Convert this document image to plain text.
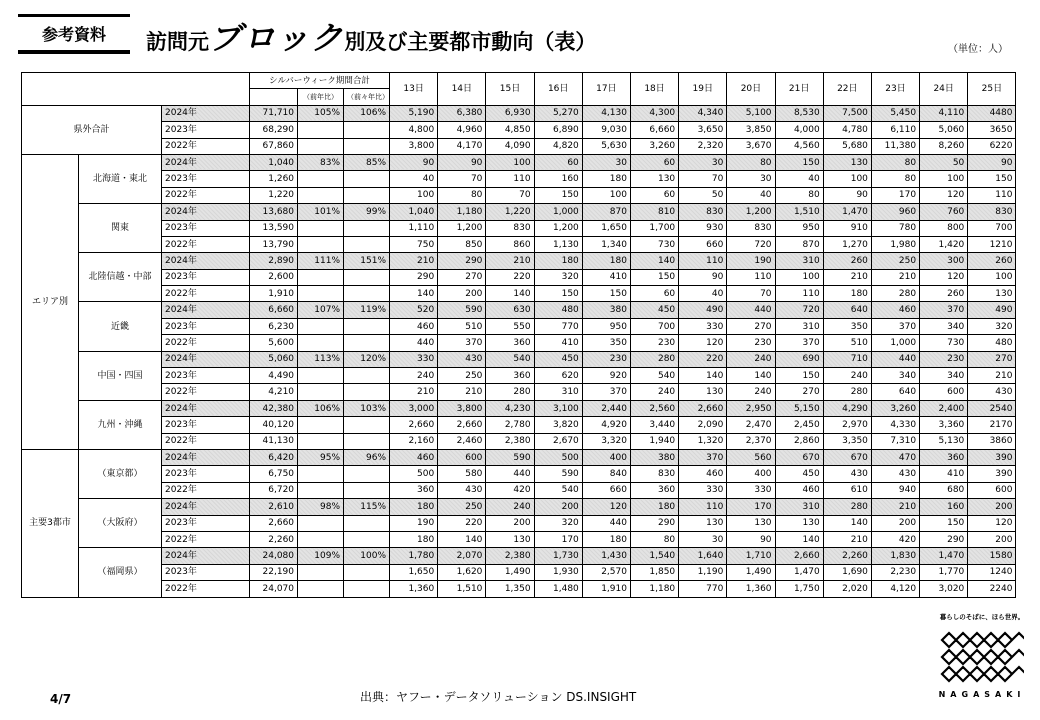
参考資料	訪問元 ブロック 別及び主要都市動向（表）	（単位：人）
			シルバーウィーク期間合計			13日	14日	15日	16日	17日	18日	19日	20日	21日	22日	23日	24日	25日
				（前年比）	（前々年比）													
県外合計		2024年	71,710	105%	106%	5,190	6,380	6,930	5,270	4,130	4,300	4,340	5,100	8,530	7,500	5,450	4,110	4480
		2023年	68,290			4,800	4,960	4,850	6,890	9,030	6,660	3,650	3,850	4,000	4,780	6,110	5,060	3650
		2022年	67,860			3,800	4,170	4,090	4,820	5,630	3,260	2,320	3,670	4,560	5,680	11,380	8,260	6220
エリア別	北海道・東北	2024年	1,040	83%	85%	90	90	100	60	30	60	30	80	150	130	80	50	90
		2023年	1,260			40	70	110	160	180	130	70	30	40	100	80	100	150
		2022年	1,220			100	80	70	150	100	60	50	40	80	90	170	120	110
	関東	2024年	13,680	101%	99%	1,040	1,180	1,220	1,000	870	810	830	1,200	1,510	1,470	960	760	830
		2023年	13,590			1,110	1,200	830	1,200	1,650	1,700	930	830	950	910	780	800	700
		2022年	13,790			750	850	860	1,130	1,340	730	660	720	870	1,270	1,980	1,420	1210
	北陸信越・中部	2024年	2,890	111%	151%	210	290	210	180	180	140	110	190	310	260	250	300	260
		2023年	2,600			290	270	220	320	410	150	90	110	100	210	210	120	100
		2022年	1,910			140	200	140	150	150	60	40	70	110	180	280	260	130
	近畿	2024年	6,660	107%	119%	520	590	630	480	380	450	490	440	720	640	460	370	490
		2023年	6,230			460	510	550	770	950	700	330	270	310	350	370	340	320
		2022年	5,600			440	370	360	410	350	230	120	230	370	510	1,000	730	480
	中国・四国	2024年	5,060	113%	120%	330	430	540	450	230	280	220	240	690	710	440	230	270
		2023年	4,490			240	250	360	620	920	540	140	140	150	240	340	340	210
		2022年	4,210			210	210	280	310	370	240	130	240	270	280	640	600	430
	九州・沖縄	2024年	42,380	106%	103%	3,000	3,800	4,230	3,100	2,440	2,560	2,660	2,950	5,150	4,290	3,260	2,400	2540
		2023年	40,120			2,660	2,660	2,780	3,820	4,920	3,440	2,090	2,470	2,450	2,970	4,330	3,360	2170
		2022年	41,130			2,160	2,460	2,380	2,670	3,320	1,940	1,320	2,370	2,860	3,350	7,310	5,130	3860
主要3都市	（東京都）	2024年	6,420	95%	96%	460	600	590	500	400	380	370	560	670	670	470	360	390
		2023年	6,750			500	580	440	590	840	830	460	400	450	430	430	410	390
		2022年	6,720			360	430	420	540	660	360	330	330	460	610	940	680	600
	（大阪府）	2024年	2,610	98%	115%	180	250	240	200	120	180	110	170	310	280	210	160	200
		2023年	2,660			190	220	200	320	440	290	130	130	130	140	200	150	120
		2022年	2,260			180	140	130	170	180	80	30	90	140	210	420	290	200
	（福岡県）	2024年	24,080	109%	100%	1,780	2,070	2,380	1,730	1,430	1,540	1,640	1,710	2,660	2,260	1,830	1,470	1580
		2023年	22,190			1,650	1,620	1,490	1,930	2,570	1,850	1,190	1,490	1,470	1,690	2,230	1,770	1240
		2022年	24,070			1,360	1,510	1,350	1,480	1,910	1,180	770	1,360	1,750	2,020	4,120	3,020	2240
4/7	出典：ヤフー・データソリューション DS.INSIGHT
暮らしのそばに、ほら世界。
NAGASAKI
